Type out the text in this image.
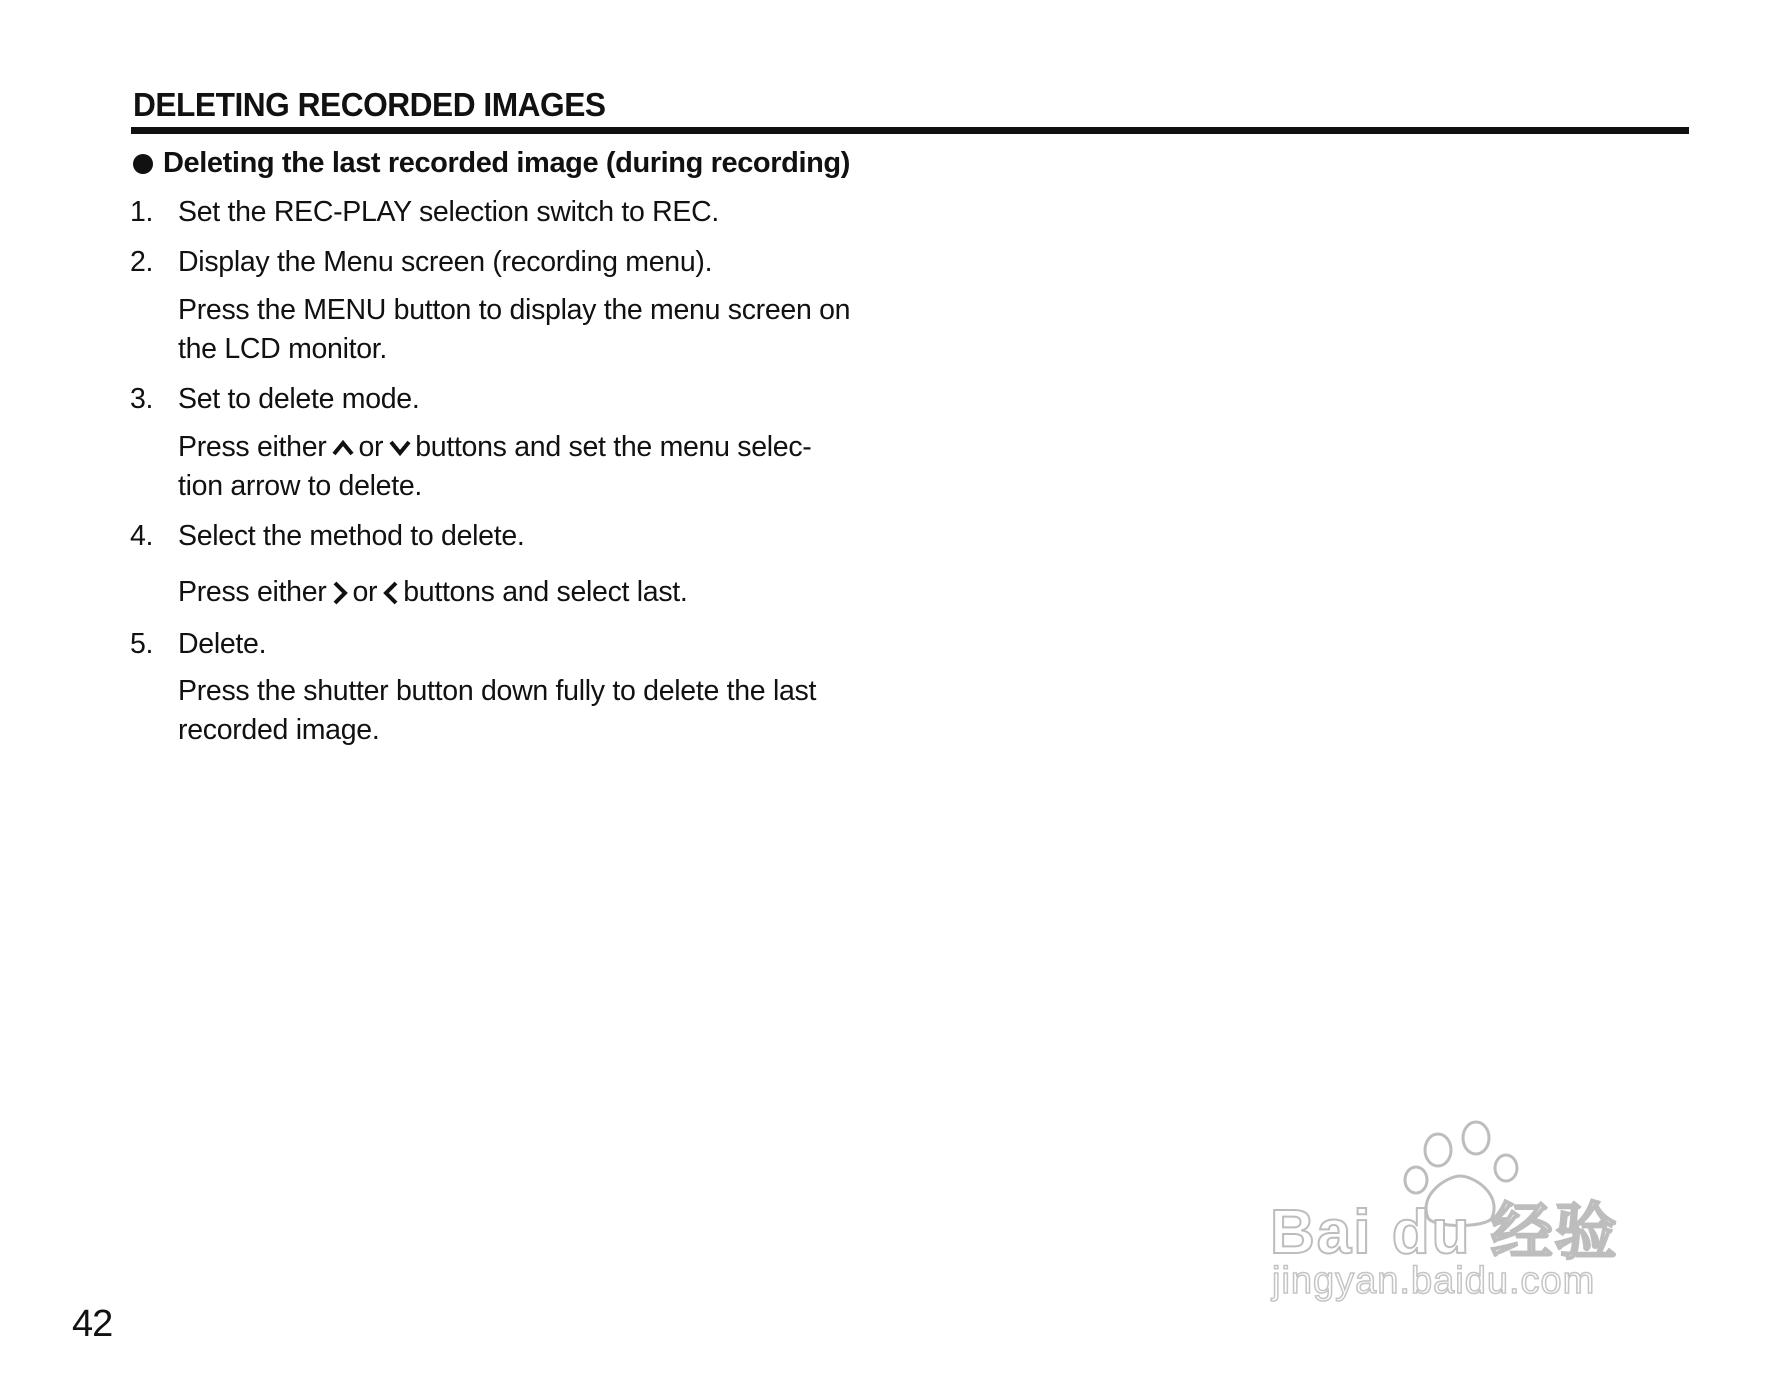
DELETING RECORDED IMAGES
Deleting the last recorded image (during recording)
1. Set the REC-PLAY selection switch to REC.
2. Display the Menu screen (recording menu).
Press the MENU button to display the menu screen on
the LCD monitor.
3. Set to delete mode.
Press either or buttons and set the menu selec-
tion arrow to delete.
4. Select the method to delete.
Press either or buttons and select last.
5. Delete.
Press the shutter button down fully to delete the last
recorded image.
42
Bai du 经验
jingyan.baidu.com
